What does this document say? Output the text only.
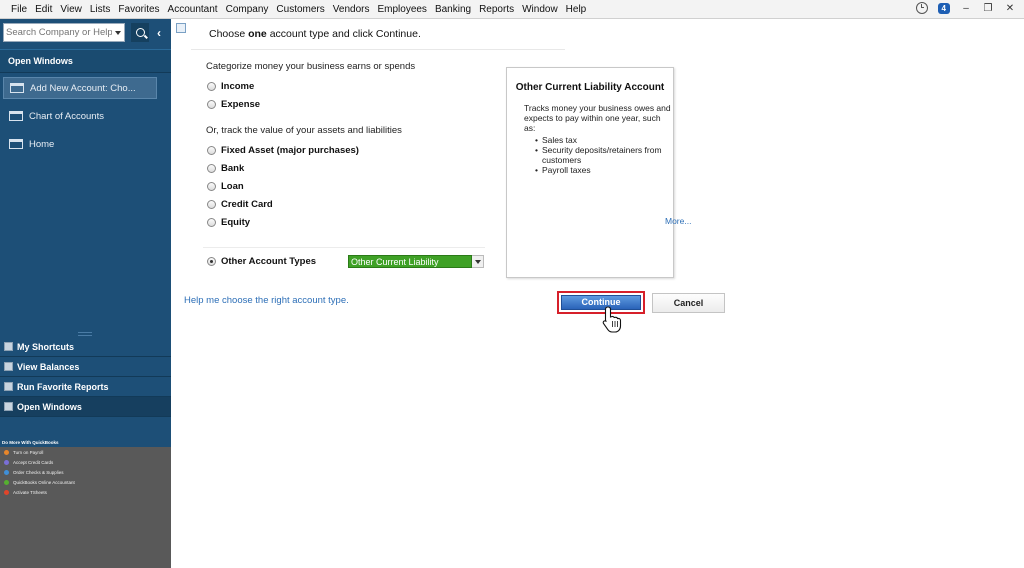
File Edit View Lists Favorites Accountant Company Customers Vendors Employees Banking Reports Window Help	4	–	❐ ✕
Search Company or Help
‹
Open Windows
Add New Account: Cho...
Chart of Accounts
Home
My Shortcuts
View Balances
Run Favorite Reports
Open Windows
Do More With QuickBooks
Turn on Payroll
Accept Credit Cards
Order Checks & Supplies
QuickBooks Online Accountant
Activate TSheets
Choose one account type and click Continue.
Categorize money your business earns or spends
Income
Expense
Or, track the value of your assets and liabilities
Fixed Asset (major purchases)
Bank
Loan
Credit Card
Equity
Other Account Types	Other Current Liability
Other Current Liability Account
Tracks money your business owes and expects to pay within one year, such as:
• Sales tax
• Security deposits/retainers from customers
• Payroll taxes
More...
Help me choose the right account type.	Continue	Cancel
